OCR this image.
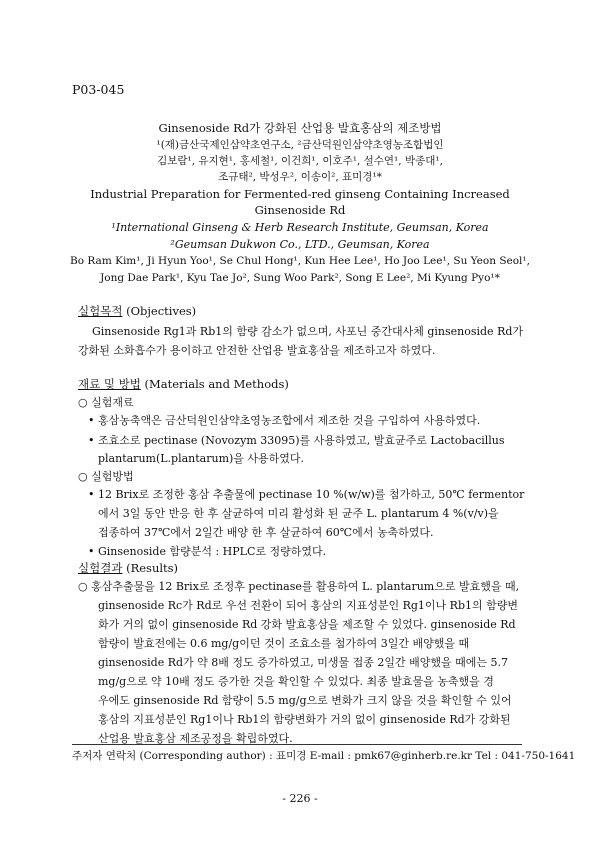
P03-045
Ginsenoside Rd가 강화된 산업용 발효홍삼의 제조방법
¹(재)금산국제인삼약초연구소, ²금산덕원인삼약초영농조합법인
김보람¹, 유지현¹, 홍세철¹, 이건희¹, 이호주¹, 설수연¹, 박종대¹,
조규태², 박성우², 이송이², 표미경¹*
Industrial Preparation for Fermented-red ginseng Containing Increased
Ginsenoside Rd
¹International Ginseng & Herb Research Institute, Geumsan, Korea
²Geumsan Dukwon Co., LTD., Geumsan, Korea
Bo Ram Kim¹, Ji Hyun Yoo¹, Se Chul Hong¹, Kun Hee Lee¹, Ho Joo Lee¹, Su Yeon Seol¹,
Jong Dae Park¹, Kyu Tae Jo², Sung Woo Park², Song E Lee², Mi Kyung Pyo¹*
실험목적 (Objectives)
Ginsenoside Rg1과 Rb1의 함량 감소가 없으며, 사포닌 중간대사체 ginsenoside Rd가
강화된 소화흡수가 용이하고 안전한 산업용 발효홍삼을 제조하고자 하였다.
재료 및 방법 (Materials and Methods)
○ 실험재료
• 홍삼농축액은 금산덕원인삼약초영농조합에서 제조한 것을 구입하여 사용하였다.
• 조효소로 pectinase (Novozym 33095)를 사용하였고, 발효균주로 Lactobacillus
plantarum(L.plantarum)을 사용하였다.
○ 실험방법
• 12 Brix로 조정한 홍삼 추출물에 pectinase 10 %(w/w)를 첨가하고, 50℃ fermentor
에서 3일 동안 반응 한 후 살균하여 미리 활성화 된 균주 L. plantarum 4 %(v/v)을
접종하여 37℃에서 2일간 배양 한 후 살균하여 60℃에서 농축하였다.
• Ginsenoside 함량분석 : HPLC로 정량하였다.
실험결과 (Results)
○ 홍삼추출물을 12 Brix로 조정후 pectinase를 활용하여 L. plantarum으로 발효했을 때,
ginsenoside Rc가 Rd로 우선 전환이 되어 홍삼의 지표성분인 Rg1이나 Rb1의 함량변
화가 거의 없이 ginsenoside Rd 강화 발효홍삼을 제조할 수 있었다. ginsenoside Rd
함량이 발효전에는 0.6 mg/g이던 것이 조효소를 첨가하여 3일간 배양했을 때
ginsenoside Rd가 약 8배 정도 증가하였고, 미생물 접종 2일간 배양했을 때에는 5.7
mg/g으로 약 10배 정도 증가한 것을 확인할 수 있었다. 최종 발효물을 농축했을 경
우에도 ginsenoside Rd 함량이 5.5 mg/g으로 변화가 크지 않을 것을 확인할 수 있어
홍삼의 지표성분인 Rg1이나 Rb1의 함량변화가 거의 없이 ginsenoside Rd가 강화된
산업용 발효홍삼 제조공정을 확립하였다.
주저자 연락처 (Corresponding author) : 표미경 E-mail : pmk67@ginherb.re.kr Tel : 041-750-1641
- 226 -
